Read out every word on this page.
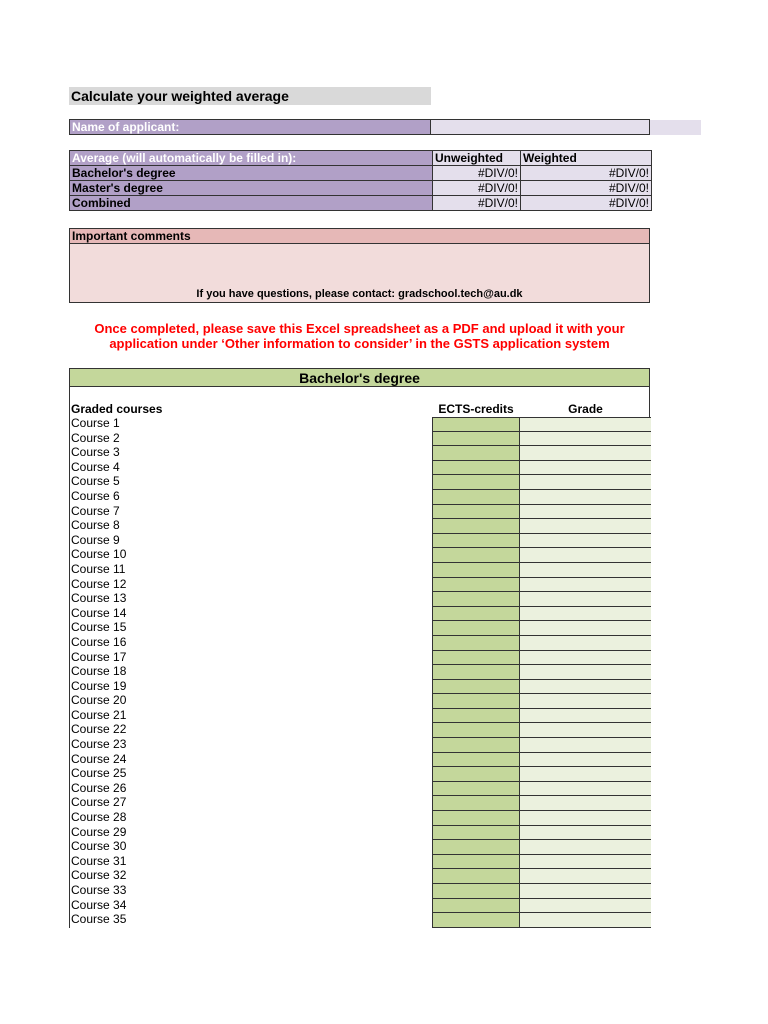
Calculate your weighted average
Name of applicant:
Average (will automatically be filled in):	Unweighted	Weighted
Bachelor's degree	#DIV/0!	#DIV/0!
Master's degree	#DIV/0!	#DIV/0!
Combined	#DIV/0!	#DIV/0!
Important comments
If you have questions, please contact: gradschool.tech@au.dk
Once completed, please save this Excel spreadsheet as a PDF and upload it with your
application under ‘Other information to consider’ in the GSTS application system
Bachelor's degree
Graded courses	ECTS-credits	Grade
Course 1
Course 2
Course 3
Course 4
Course 5
Course 6
Course 7
Course 8
Course 9
Course 10
Course 11
Course 12
Course 13
Course 14
Course 15
Course 16
Course 17
Course 18
Course 19
Course 20
Course 21
Course 22
Course 23
Course 24
Course 25
Course 26
Course 27
Course 28
Course 29
Course 30
Course 31
Course 32
Course 33
Course 34
Course 35
